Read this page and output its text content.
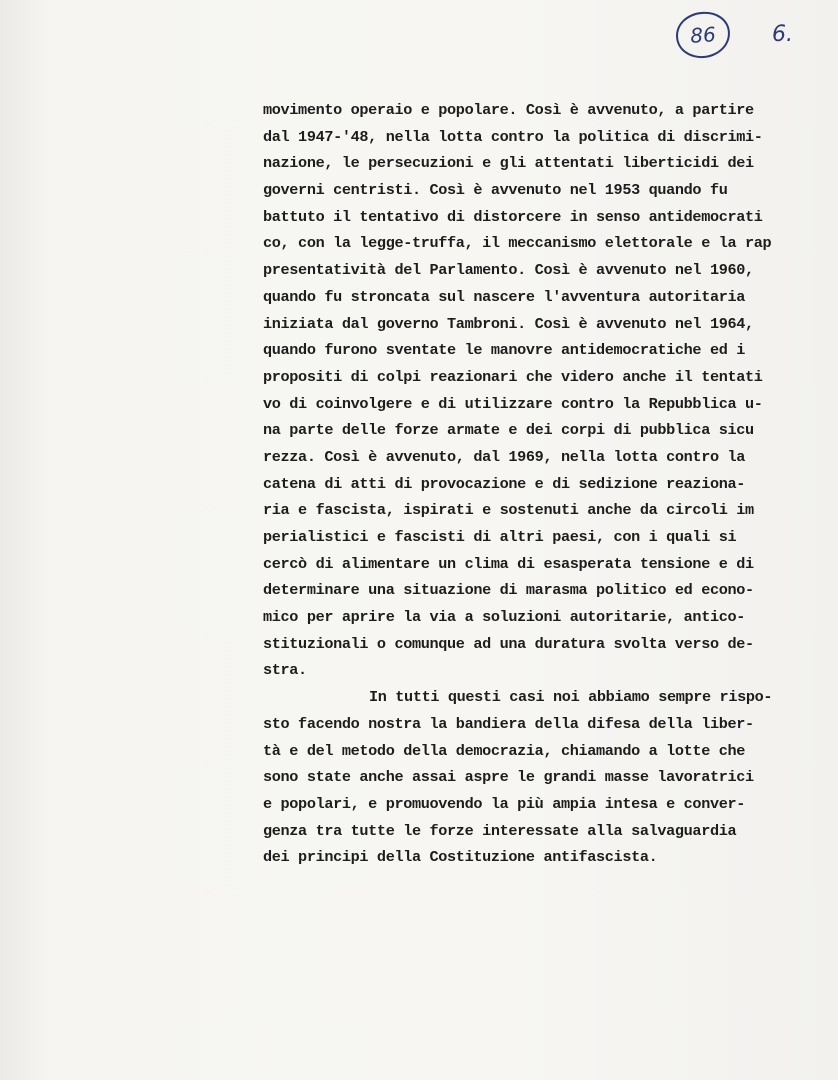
86	6.
movimento operaio e popolare. Così è avvenuto, a partire
dal 1947-'48, nella lotta contro la politica di discrimi-
nazione, le persecuzioni e gli attentati liberticidi dei
governi centristi. Così è avvenuto nel 1953 quando fu
battuto il tentativo di distorcere in senso antidemocrati
co, con la legge-truffa, il meccanismo elettorale e la rap
presentatività del Parlamento. Così è avvenuto nel 1960,
quando fu stroncata sul nascere l'avventura autoritaria
iniziata dal governo Tambroni. Così è avvenuto nel 1964,
quando furono sventate le manovre antidemocratiche ed i
propositi di colpi reazionari che videro anche il tentati
vo di coinvolgere e di utilizzare contro la Repubblica u-
na parte delle forze armate e dei corpi di pubblica sicu
rezza. Così è avvenuto, dal 1969, nella lotta contro la
catena di atti di provocazione e di sedizione reaziona-
ria e fascista, ispirati e sostenuti anche da circoli im
perialistici e fascisti di altri paesi, con i quali si
cercò di alimentare un clima di esasperata tensione e di
determinare una situazione di marasma politico ed econo-
mico per aprire la via a soluzioni autoritarie, antico-
stituzionali o comunque ad una duratura svolta verso de-
stra.
In tutti questi casi noi abbiamo sempre rispo-
sto facendo nostra la bandiera della difesa della liber-
tà e del metodo della democrazia, chiamando a lotte che
sono state anche assai aspre le grandi masse lavoratrici
e popolari, e promuovendo la più ampia intesa e conver-
genza tra tutte le forze interessate alla salvaguardia
dei principi della Costituzione antifascista.
